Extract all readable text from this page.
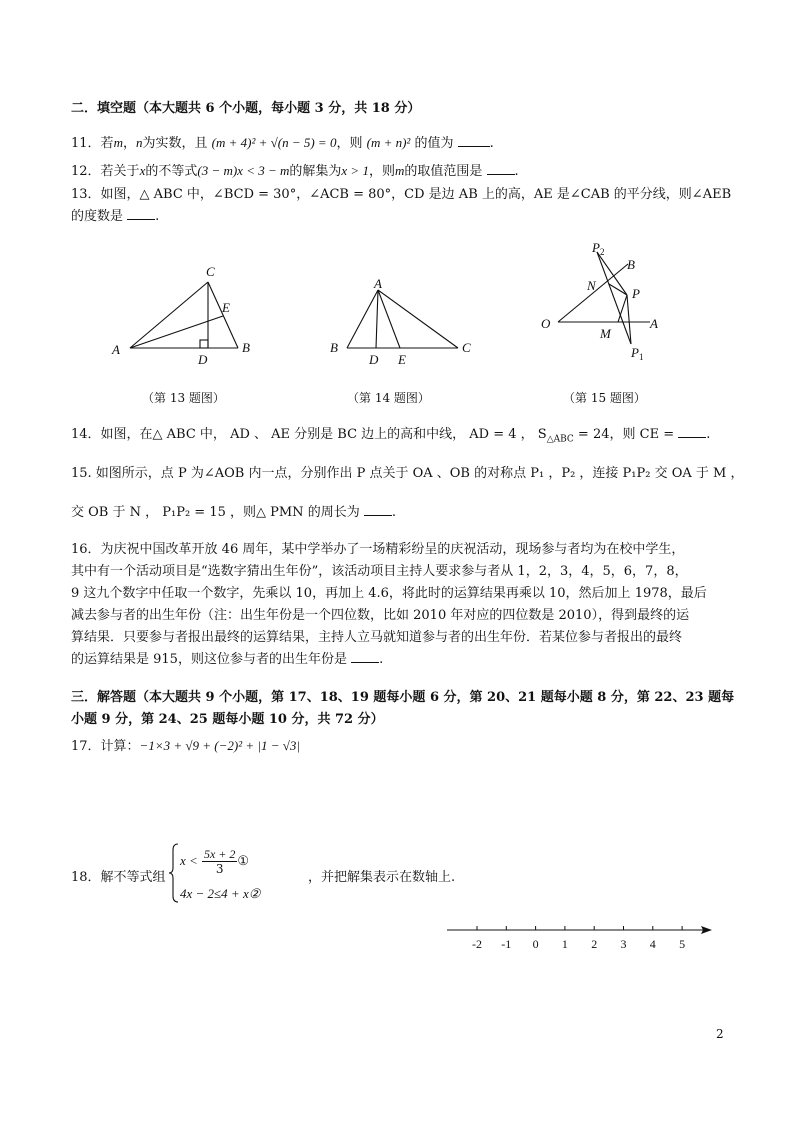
二．填空题（本大题共 6 个小题，每小题 3 分，共 18 分）
11．若m，n为实数，且 (m + 4)² + √(n − 5) = 0，则 (m + n)² 的值为	.
12．若关于x的不等式(3 − m)x < 3 − m的解集为x > 1，则m的取值范围是 .
13．如图，△ ABC 中，∠BCD = 30°，∠ACB = 80°，CD 是边 AB 上的高，AE 是∠CAB 的平分线，则∠AEB
的度数是 .
A	B
C
D
E
A
B	C
D E
O	A
B
P
N
M
$P_2$
$P_1$
（第 13 题图）	（第 14 题图）	（第 15 题图）
14．如图，在△ ABC 中， AD 、 AE 分别是 BC 边上的高和中线， AD = 4 ， $S_{\triangle ABC} = 24$，则 CE = .
15. 如图所示，点 P 为∠AOB 内一点，分别作出 P 点关于 OA 、OB 的对称点 P₁ ，P₂ ，连接 P₁P₂ 交 OA 于 M ，
交 OB 于 N ， P₁P₂ = 15 ，则△ PMN 的周长为 .
16．为庆祝中国改革开放 46 周年，某中学举办了一场精彩纷呈的庆祝活动，现场参与者均为在校中学生，
其中有一个活动项目是“选数字猜出生年份”，该活动项目主持人要求参与者从 1，2，3，4，5，6，7，8，
9 这九个数字中任取一个数字，先乘以 10，再加上 4.6，将此时的运算结果再乘以 10，然后加上 1978，最后
减去参与者的出生年份（注：出生年份是一个四位数，比如 2010 年对应的四位数是 2010），得到最终的运
算结果．只要参与者报出最终的运算结果，主持人立马就知道参与者的出生年份．若某位参与者报出的最终
的运算结果是 915，则这位参与者的出生年份是 .
三．解答题（本大题共 9 个小题，第 17、18、19 题每小题 6 分，第 20、21 题每小题 8 分，第 22、23 题每
小题 9 分，第 24、25 题每小题 10 分，共 72 分）
17．计算：−1×3 + √9 + (−2)² + |1 − √3|
18．解不等式组
$x < \frac{5x + 2}{3}$ ①
4x − 2≤4 + x②
，并把解集表示在数轴上.
-2 -1 0 1 2 3 4 5
2
